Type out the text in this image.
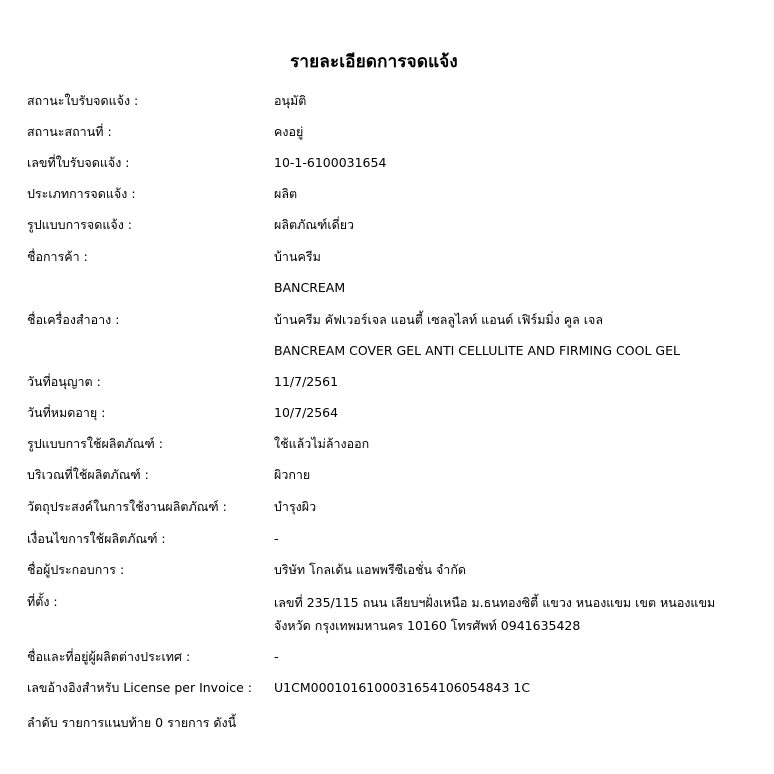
รายละเอียดการจดแจ้ง
สถานะใบรับจดแจ้ง :	อนุมัติ
สถานะสถานที่ :	คงอยู่
เลขที่ใบรับจดแจ้ง :	10-1-6100031654
ประเภทการจดแจ้ง :	ผลิต
รูปแบบการจดแจ้ง :	ผลิตภัณฑ์เดี่ยว
ชื่อการค้า :	บ้านครีม
BANCREAM
ชื่อเครื่องสำอาง :	บ้านครีม คัฟเวอร์เจล แอนตี้ เซลลูไลท์ แอนด์ เฟิร์มมิ่ง คูล เจล
BANCREAM COVER GEL ANTI CELLULITE AND FIRMING COOL GEL
วันที่อนุญาต :	11/7/2561
วันที่หมดอายุ :	10/7/2564
รูปแบบการใช้ผลิตภัณฑ์ :	ใช้แล้วไม่ล้างออก
บริเวณที่ใช้ผลิตภัณฑ์ :	ผิวกาย
วัตถุประสงค์ในการใช้งานผลิตภัณฑ์ :	บำรุงผิว
เงื่อนไขการใช้ผลิตภัณฑ์ :	-
ชื่อผู้ประกอบการ :	บริษัท โกลเด้น แอพพรีซีเอชั่น จำกัด
ที่ตั้ง :	เลขที่ 235/115 ถนน เลียบฯฝั่งเหนือ ม.ธนทองซิตี้ แขวง หนองแขม เขต หนองแขม จังหวัด กรุงเทพมหานคร 10160 โทรศัพท์ 0941635428
ชื่อและที่อยู่ผู้ผลิตต่างประเทศ :	-
เลขอ้างอิงสำหรับ License per Invoice : U1CM0001016100031654106054843 1C
ลำดับ รายการแนบท้าย 0 รายการ ดังนี้
